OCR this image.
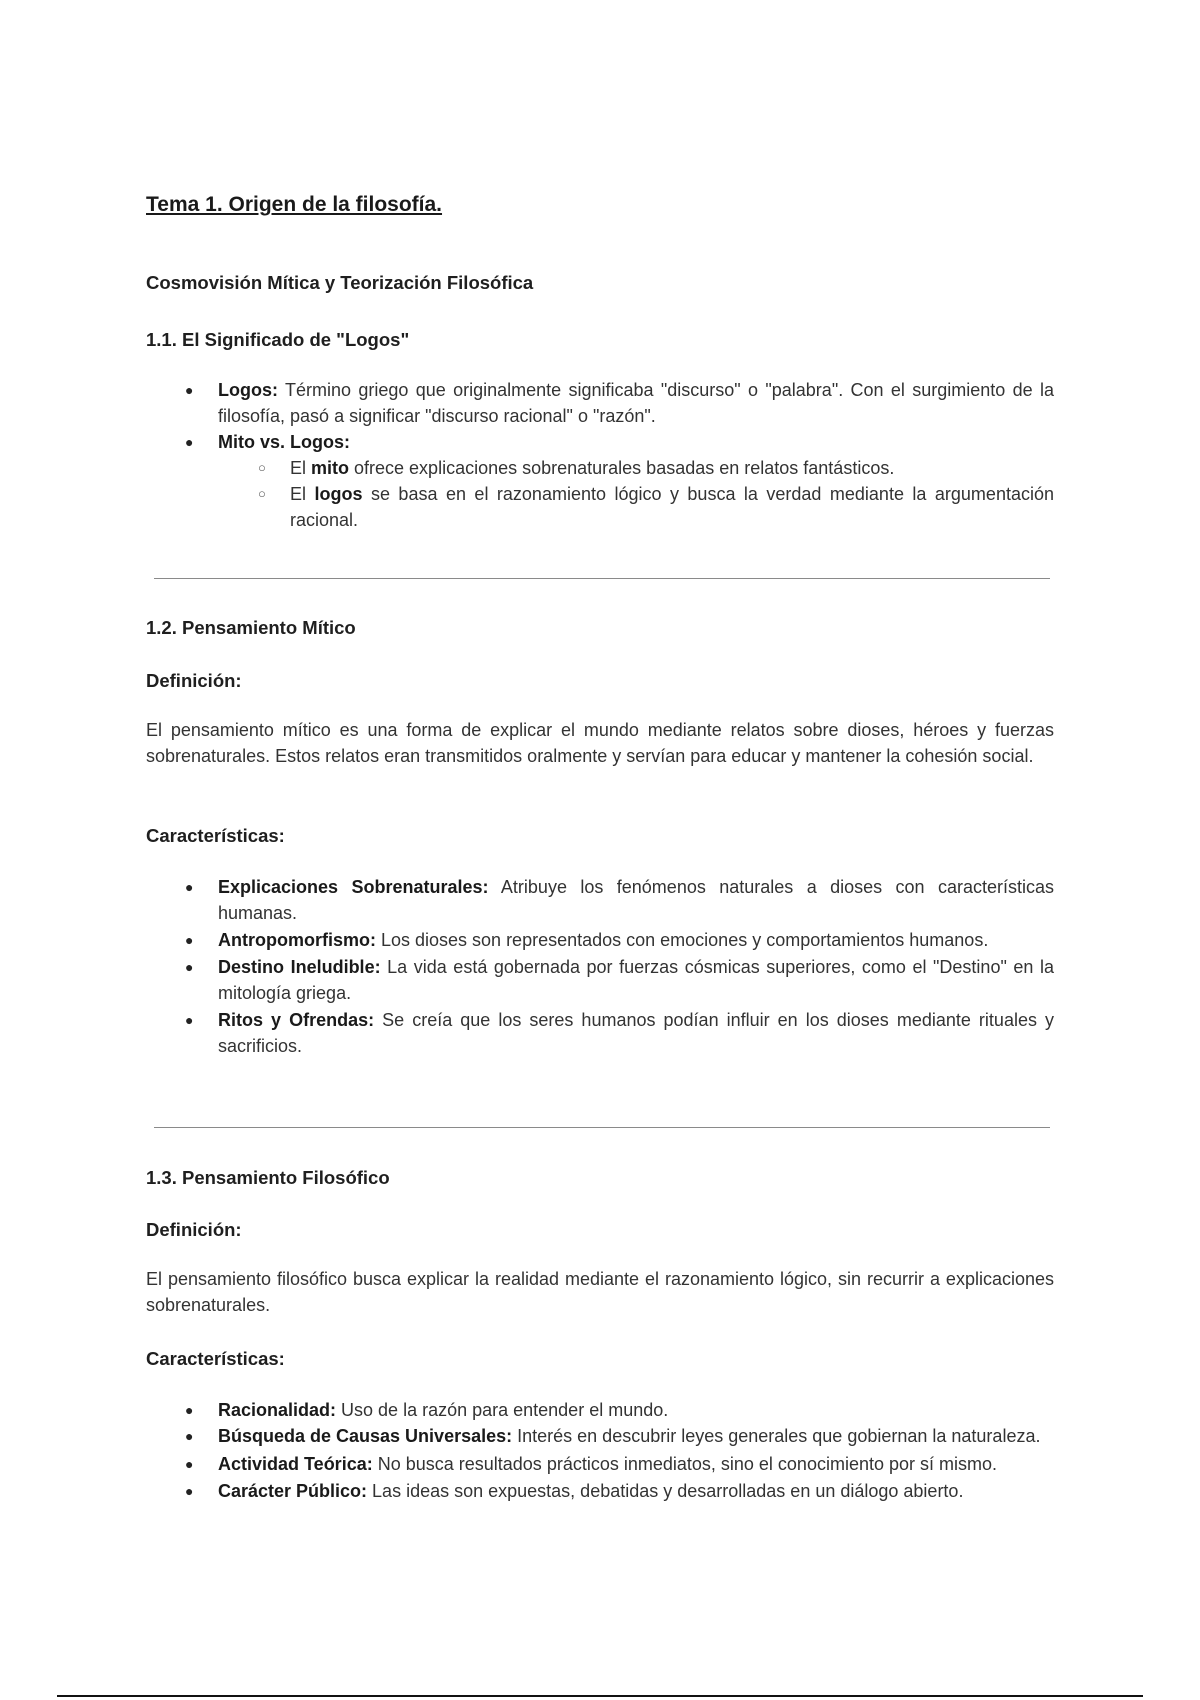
Tema 1. Origen de la filosofía.
Cosmovisión Mítica y Teorización Filosófica
1.1. El Significado de "Logos"
● Logos: Término griego que originalmente significaba "discurso" o "palabra". Con el surgimiento de la filosofía, pasó a significar "discurso racional" o "razón".
● Mito vs. Logos:
○ El mito ofrece explicaciones sobrenaturales basadas en relatos fantásticos.
○ El logos se basa en el razonamiento lógico y busca la verdad mediante la argumentación racional.
1.2. Pensamiento Mítico
Definición:

El pensamiento mítico es una forma de explicar el mundo mediante relatos sobre dioses, héroes y fuerzas sobrenaturales. Estos relatos eran transmitidos oralmente y servían para educar y mantener la cohesión social.

Características:
● Explicaciones Sobrenaturales: Atribuye los fenómenos naturales a dioses con características humanas.
● Antropomorfismo: Los dioses son representados con emociones y comportamientos humanos.
● Destino Ineludible: La vida está gobernada por fuerzas cósmicas superiores, como el "Destino" en la mitología griega.
● Ritos y Ofrendas: Se creía que los seres humanos podían influir en los dioses mediante rituales y sacrificios.
1.3. Pensamiento Filosófico
Definición:

El pensamiento filosófico busca explicar la realidad mediante el razonamiento lógico, sin recurrir a explicaciones sobrenaturales.

Características:
● Racionalidad: Uso de la razón para entender el mundo.
● Búsqueda de Causas Universales: Interés en descubrir leyes generales que gobiernan la naturaleza.
● Actividad Teórica: No busca resultados prácticos inmediatos, sino el conocimiento por sí mismo.
● Carácter Público: Las ideas son expuestas, debatidas y desarrolladas en un diálogo abierto.
